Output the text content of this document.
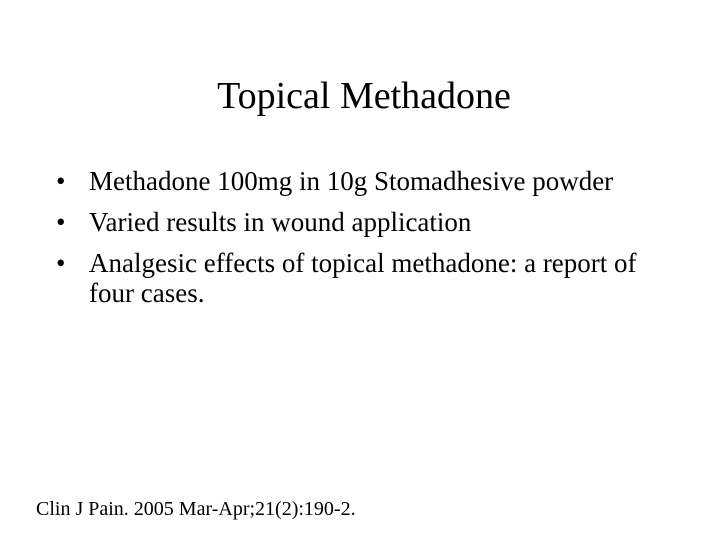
Topical Methadone
• Methadone 100mg in 10g Stomadhesive powder
• Varied results in wound application
• Analgesic effects of topical methadone: a report of four cases.
Clin J Pain. 2005 Mar-Apr;21(2):190-2.
